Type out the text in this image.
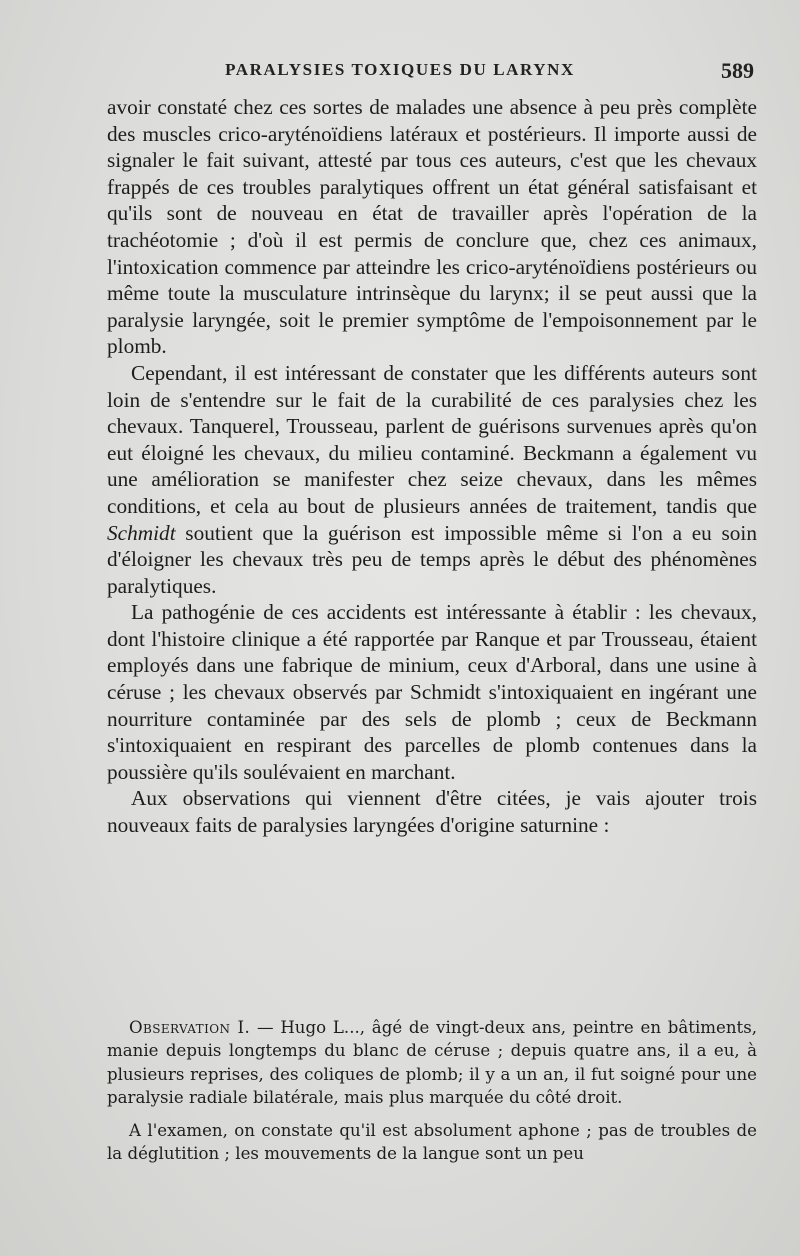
PARALYSIES TOXIQUES DU LARYNX	589

avoir constaté chez ces sortes de malades une absence à peu près complète des muscles crico-aryténoïdiens latéraux et postérieurs. Il importe aussi de signaler le fait suivant, attesté par tous ces auteurs, c'est que les chevaux frappés de ces troubles paralytiques offrent un état général satisfaisant et qu'ils sont de nouveau en état de travailler après l'opération de la trachéotomie ; d'où il est permis de conclure que, chez ces animaux, l'intoxication commence par atteindre les crico-aryténoïdiens postérieurs ou même toute la musculature intrinsèque du larynx; il se peut aussi que la paralysie laryngée, soit le premier symptôme de l'empoisonnement par le plomb.

Cependant, il est intéressant de constater que les différents auteurs sont loin de s'entendre sur le fait de la curabilité de ces paralysies chez les chevaux. Tanquerel, Trousseau, parlent de guérisons survenues après qu'on eut éloigné les chevaux, du milieu contaminé. Beckmann a également vu une amélioration se manifester chez seize chevaux, dans les mêmes conditions, et cela au bout de plusieurs années de traitement, tandis que Schmidt soutient que la guérison est impossible même si l'on a eu soin d'éloigner les chevaux très peu de temps après le début des phénomènes paralytiques.

La pathogénie de ces accidents est intéressante à établir : les chevaux, dont l'histoire clinique a été rapportée par Ranque et par Trousseau, étaient employés dans une fabrique de minium, ceux d'Arboral, dans une usine à céruse ; les chevaux observés par Schmidt s'intoxiquaient en ingérant une nourriture contaminée par des sels de plomb ; ceux de Beckmann s'intoxiquaient en respirant des parcelles de plomb contenues dans la poussière qu'ils soulévaient en marchant.

Aux observations qui viennent d'être citées, je vais ajouter trois nouveaux faits de paralysies laryngées d'origine saturnine :

Observation I. — Hugo L..., âgé de vingt-deux ans, peintre en bâtiments, manie depuis longtemps du blanc de céruse ; depuis quatre ans, il a eu, à plusieurs reprises, des coliques de plomb; il y a un an, il fut soigné pour une paralysie radiale bilatérale, mais plus marquée du côté droit.

A l'examen, on constate qu'il est absolument aphone ; pas de troubles de la déglutition ; les mouvements de la langue sont un peu
